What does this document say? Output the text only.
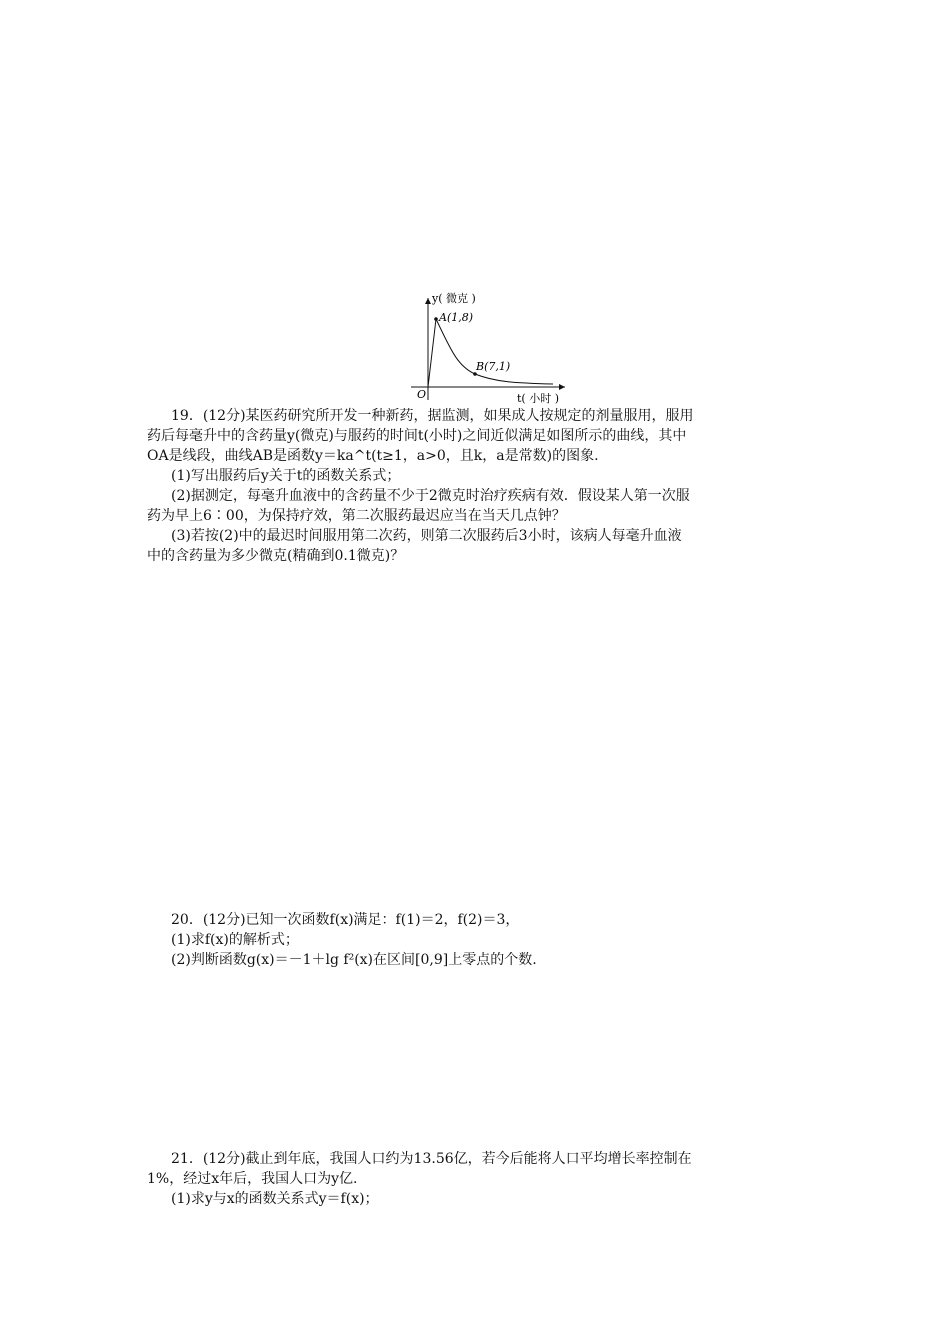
y( 微克 )
A(1,8)
B(7,1)
O	t( 小时 )
19．(12分)某医药研究所开发一种新药，据监测，如果成人按规定的剂量服用，服用
药后每毫升中的含药量y(微克)与服药的时间t(小时)之间近似满足如图所示的曲线，其中
OA是线段，曲线AB是函数y＝ka^t(t≥1，a>0，且k，a是常数)的图象.
(1)写出服药后y关于t的函数关系式；
(2)据测定，每毫升血液中的含药量不少于2微克时治疗疾病有效．假设某人第一次服
药为早上6∶00，为保持疗效，第二次服药最迟应当在当天几点钟？
(3)若按(2)中的最迟时间服用第二次药，则第二次服药后3小时，该病人每毫升血液
中的含药量为多少微克(精确到0.1微克)？
20．(12分)已知一次函数f(x)满足：f(1)＝2，f(2)＝3，
(1)求f(x)的解析式；
(2)判断函数g(x)＝－1＋lg f²(x)在区间[0,9]上零点的个数.
21．(12分)截止到年底，我国人口约为13.56亿，若今后能将人口平均增长率控制在
1%，经过x年后，我国人口为y亿.
(1)求y与x的函数关系式y＝f(x)；
